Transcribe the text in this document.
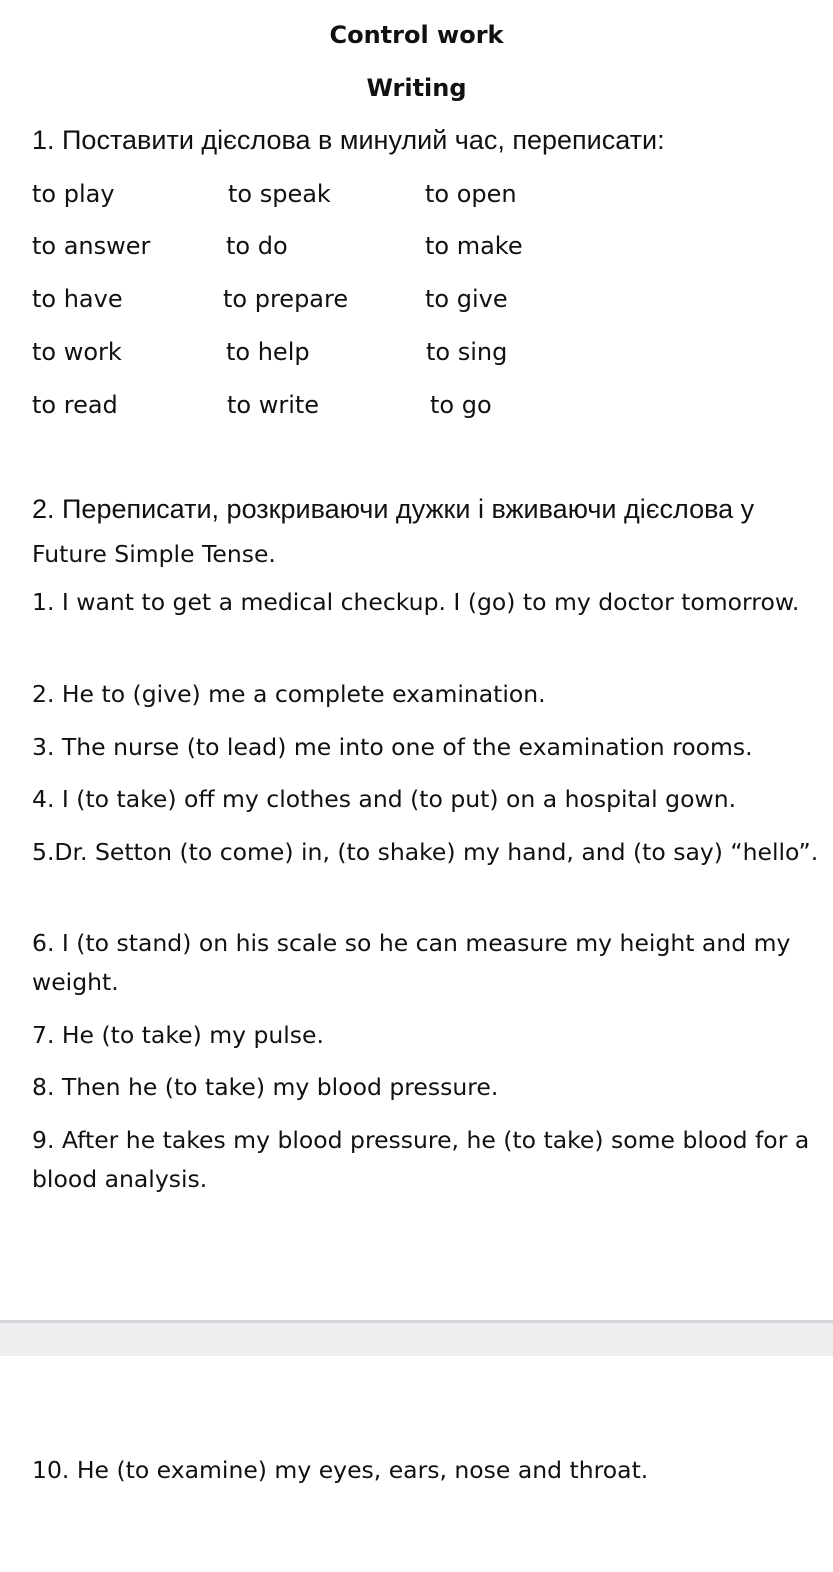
Control work
Writing
1. Поставити дієслова в минулий час, переписати:
to play	to speak	to open
to answer	to do	to make
to have	to prepare	to give
to work	to help	to sing
to read	to write	to go
2. Переписати, розкриваючи дужки і вживаючи дієслова у Future Simple Tense.
1. I want to get a medical checkup. I (go) to my doctor tomorrow.
2. He to (give) me a complete examination.
3. The nurse (to lead) me into one of the examination rooms.
4. I (to take) off my clothes and (to put) on a hospital gown.
5.Dr. Setton (to come) in, (to shake) my hand, and (to say) “hello”.
6. I (to stand) on his scale so he can measure my height and my weight.
7. He (to take) my pulse.
8. Then he (to take) my blood pressure.
9. After he takes my blood pressure, he (to take) some blood for a blood analysis.
10. He (to examine) my eyes, ears, nose and throat.
